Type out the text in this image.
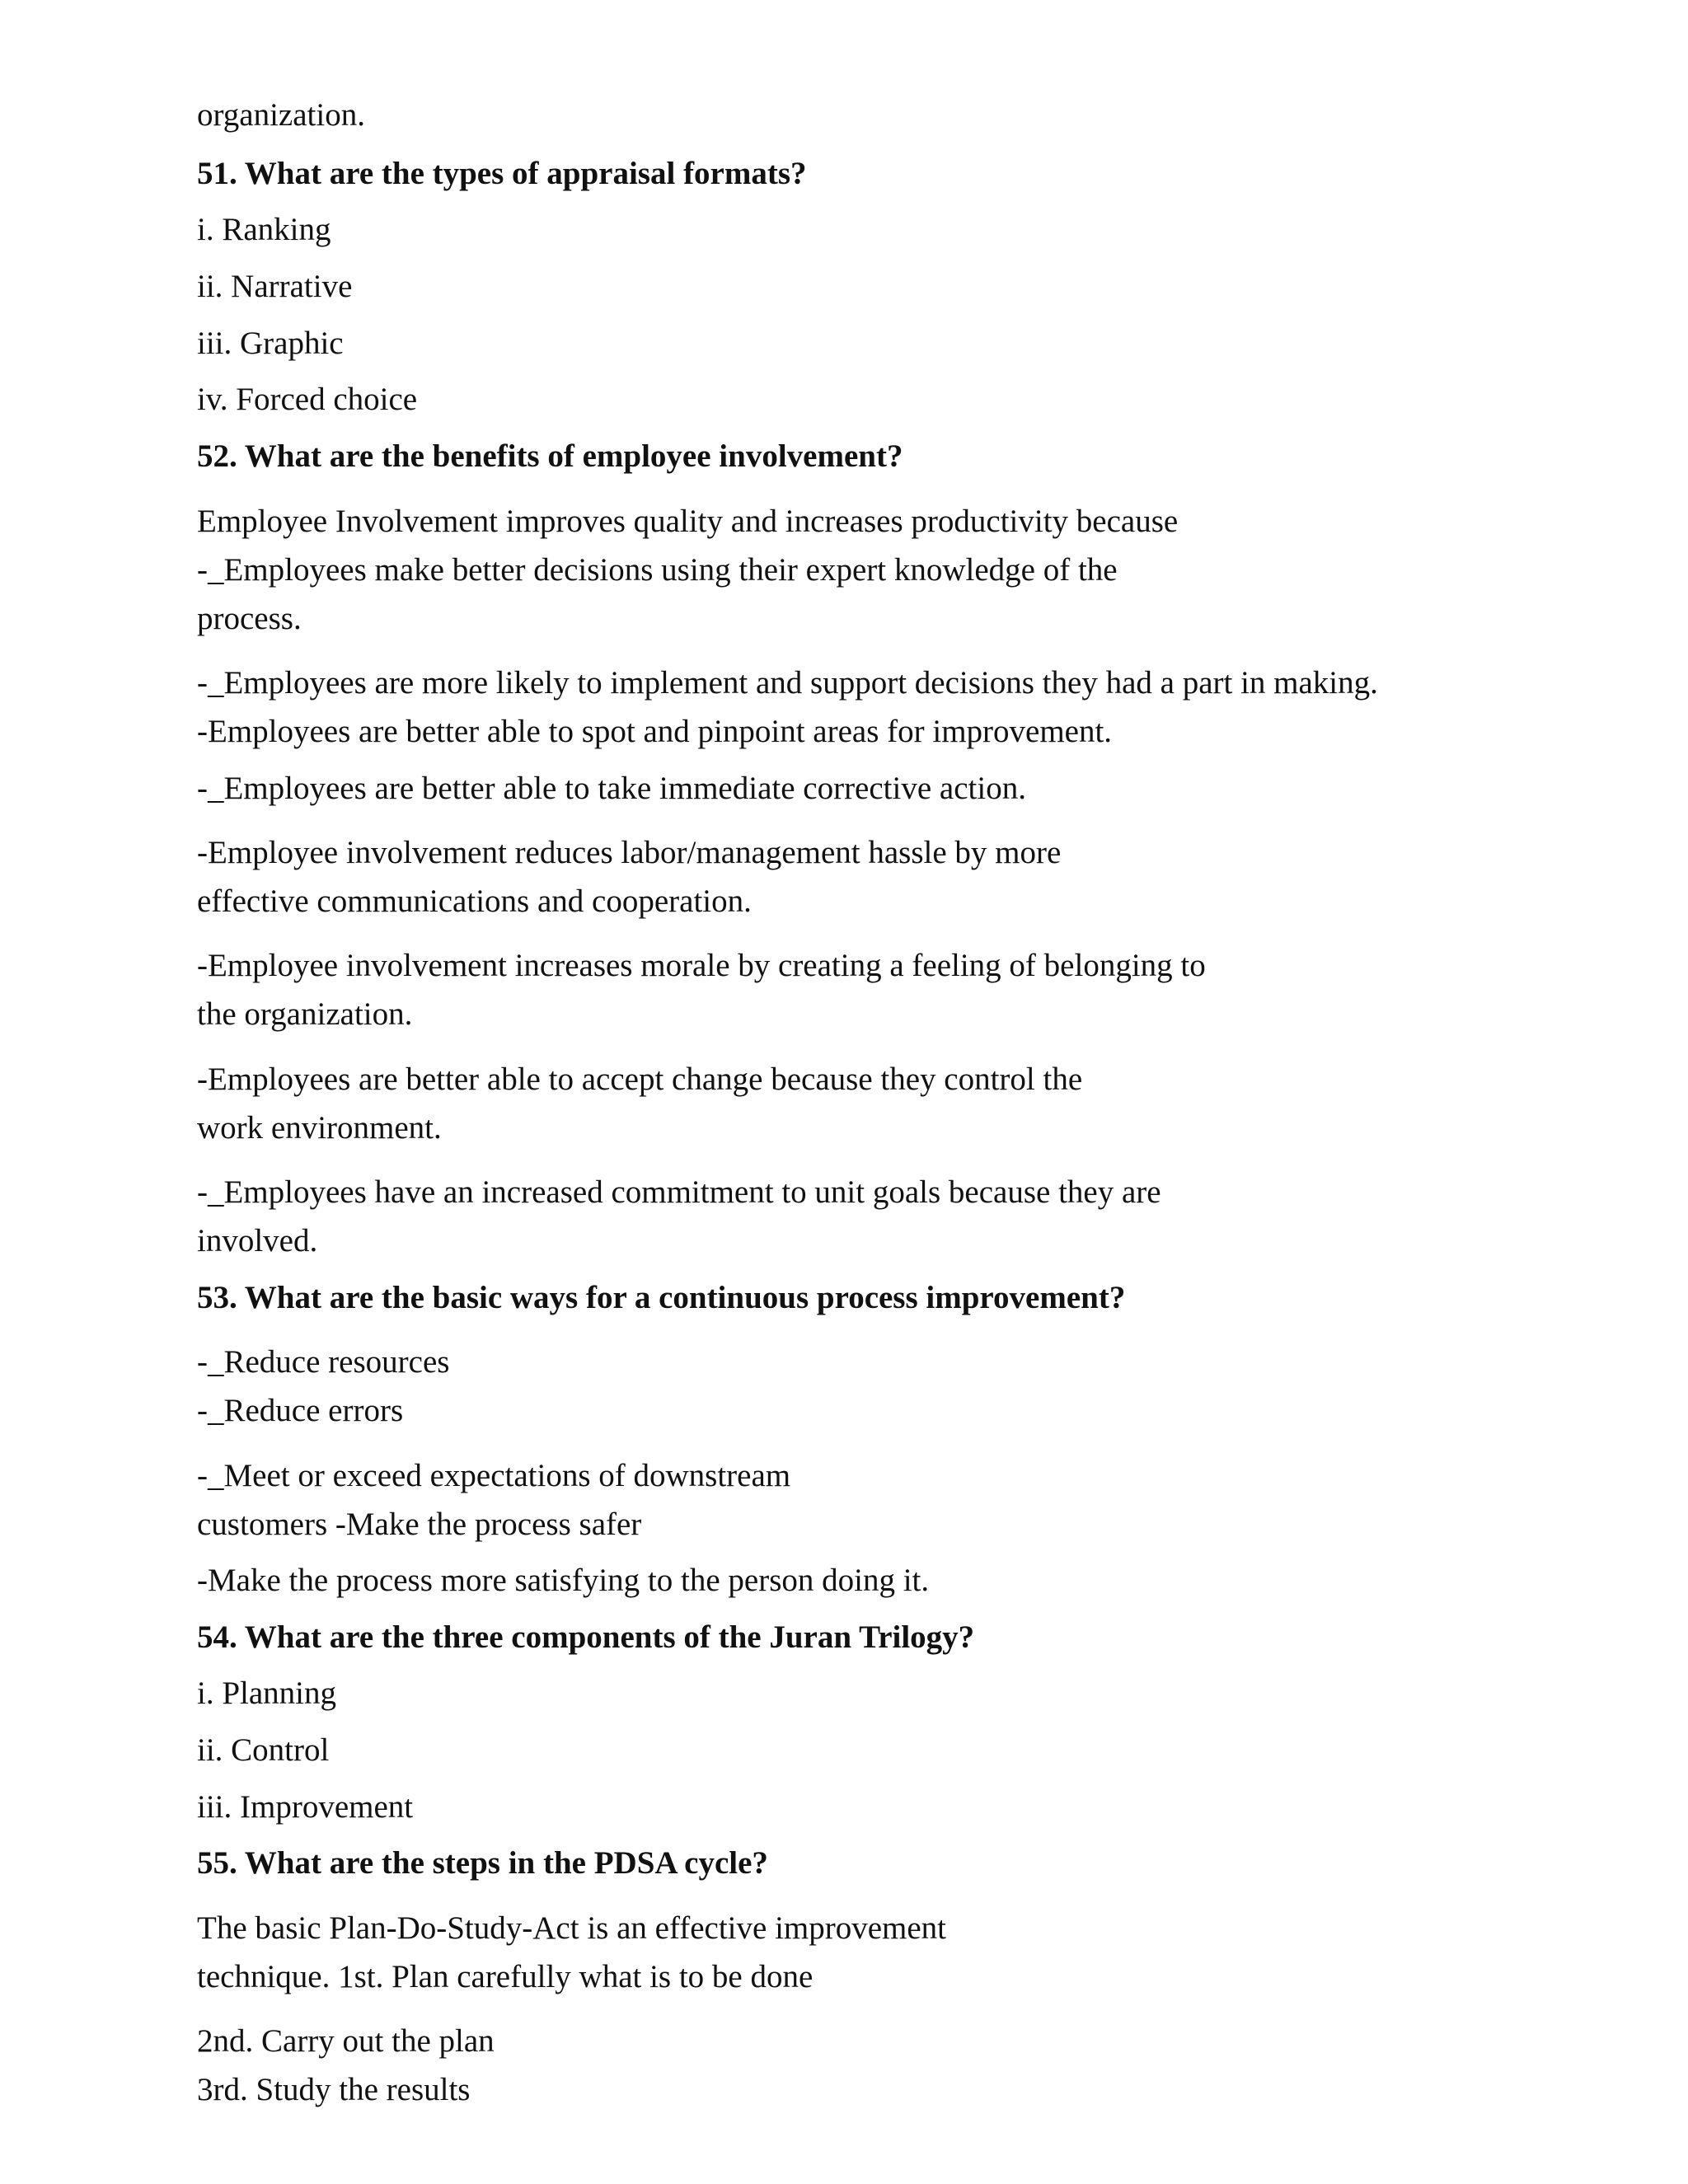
organization.

51. What are the types of appraisal formats?

i. Ranking

ii. Narrative

iii. Graphic

iv. Forced choice

52. What are the benefits of employee involvement?

Employee Involvement improves quality and increases productivity because

-_Employees make better decisions using their expert knowledge of the

process.

-_Employees are more likely to implement and support decisions they had a part in making.

-Employees are better able to spot and pinpoint areas for improvement.

-_Employees are better able to take immediate corrective action.

-Employee involvement reduces labor/management hassle by more

effective communications and cooperation.

-Employee involvement increases morale by creating a feeling of belonging to

the organization.

-Employees are better able to accept change because they control the

work environment.

-_Employees have an increased commitment to unit goals because they are

involved.

53. What are the basic ways for a continuous process improvement?

-_Reduce resources

-_Reduce errors

-_Meet or exceed expectations of downstream

customers -Make the process safer

-Make the process more satisfying to the person doing it.

54. What are the three components of the Juran Trilogy?

i. Planning

ii. Control

iii. Improvement

55. What are the steps in the PDSA cycle?

The basic Plan-Do-Study-Act is an effective improvement

technique. 1st. Plan carefully what is to be done

2nd. Carry out the plan

3rd. Study the results
